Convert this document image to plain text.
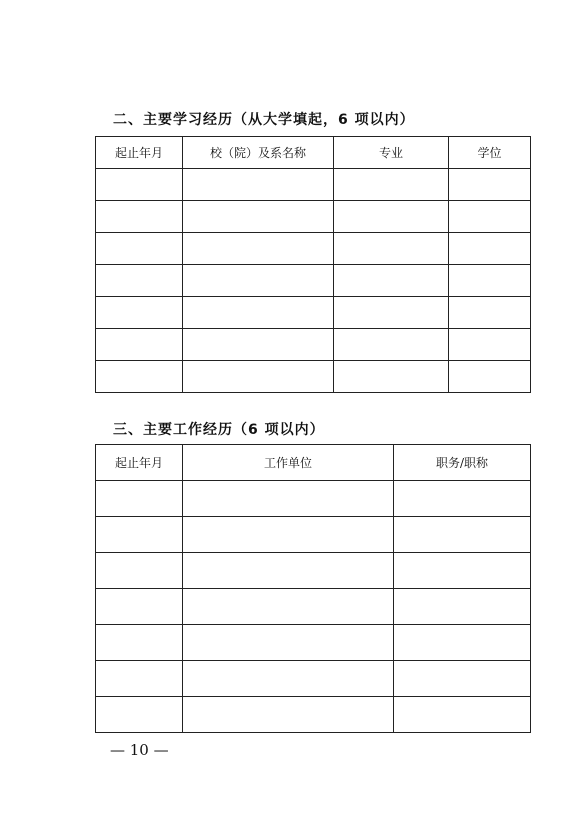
二、主要学习经历（从大学填起，6 项以内）
起止年月	校（院）及系名称	专业	学位

三、主要工作经历（6 项以内）
起止年月	工作单位	职务/职称

— 10 —
